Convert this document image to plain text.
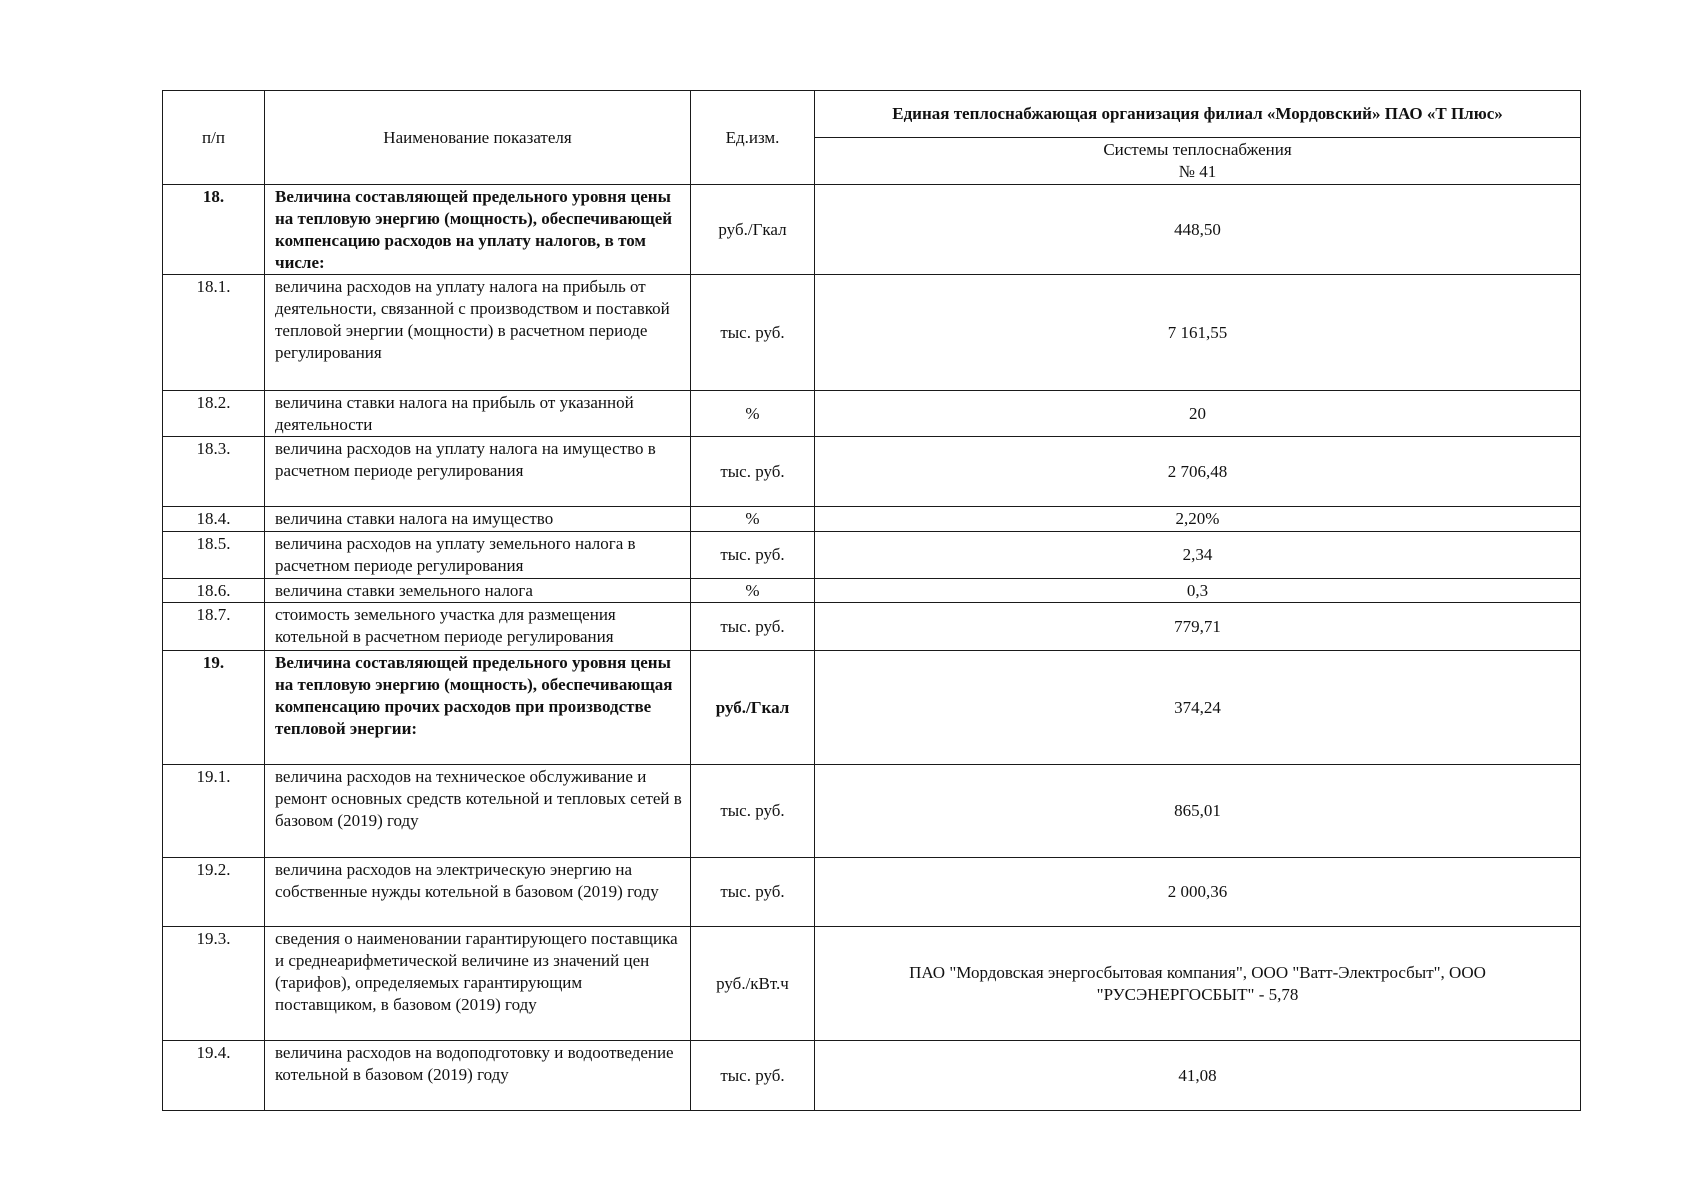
п/п	Наименование показателя	Ед.изм.	Единая теплоснабжающая организация филиал «Мордовский» ПАО «Т Плюс»
			Системы теплоснабжения
№ 41
18.	Величина составляющей предельного уровня цены на тепловую энергию (мощность), обеспечивающей компенсацию расходов на уплату налогов, в том числе:	руб./Гкал	448,50
18.1.	величина расходов на уплату налога на прибыль от деятельности, связанной с производством и поставкой тепловой энергии (мощности) в расчетном периоде регулирования	тыс. руб.	7 161,55
18.2.	величина ставки налога на прибыль от указанной деятельности	%	20
18.3.	величина расходов на уплату налога на имущество в расчетном периоде регулирования	тыс. руб.	2 706,48
18.4.	величина ставки налога на имущество	%	2,20%
18.5.	величина расходов на уплату земельного налога в расчетном периоде регулирования	тыс. руб.	2,34
18.6.	величина ставки земельного налога	%	0,3
18.7.	стоимость земельного участка для размещения котельной в расчетном периоде регулирования	тыс. руб.	779,71
19.	Величина составляющей предельного уровня цены на тепловую энергию (мощность), обеспечивающая компенсацию прочих расходов при производстве тепловой энергии:	руб./Гкал	374,24
19.1.	величина расходов на техническое обслуживание и ремонт основных средств котельной и тепловых сетей в базовом (2019) году	тыс. руб.	865,01
19.2.	величина расходов на электрическую энергию на собственные нужды котельной в базовом (2019) году	тыс. руб.	2 000,36
19.3.	сведения о наименовании гарантирующего поставщика и среднеарифметической величине из значений цен (тарифов), определяемых гарантирующим поставщиком, в базовом (2019) году	руб./кВт.ч	ПАО "Мордовская энергосбытовая компания", ООО "Ватт-Электросбыт", ООО "РУСЭНЕРГОСБЫТ" - 5,78
19.4.	величина расходов на водоподготовку и водоотведение котельной в базовом (2019) году	тыс. руб.	41,08
